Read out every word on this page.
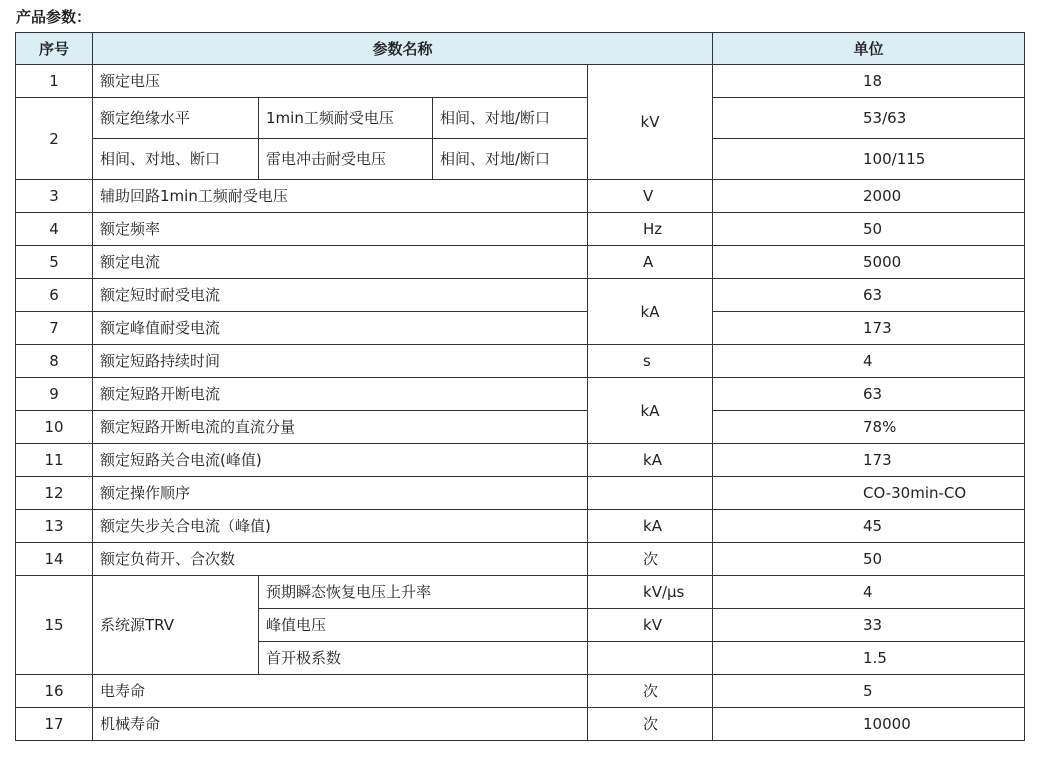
产品参数：
序号	参数名称	单位	
1	额定电压			kV	18
2	额定绝缘水平	1min工频耐受电压	相间、对地/断口		53/63
	相间、对地、断口	雷电冲击耐受电压	相间、对地/断口		100/115
3	辅助回路1min工频耐受电压			V	2000
4	额定频率			Hz	50
5	额定电流			A	5000
6	额定短时耐受电流			kA	63
7	额定峰值耐受电流				173
8	额定短路持续时间			s	4
9	额定短路开断电流			kA	63
10	额定短路开断电流的直流分量				78%
11	额定短路关合电流(峰值)			kA	173
12	额定操作顺序				CO-30min-CO
13	额定失步关合电流（峰值)			kA	45
14	额定负荷开、合次数			次	50
15	系统源TRV	预期瞬态恢复电压上升率		kV/μs	4
		峰值电压		kV	33
		首开极系数			1.5
16	电寿命			次	5
17	机械寿命			次	10000
